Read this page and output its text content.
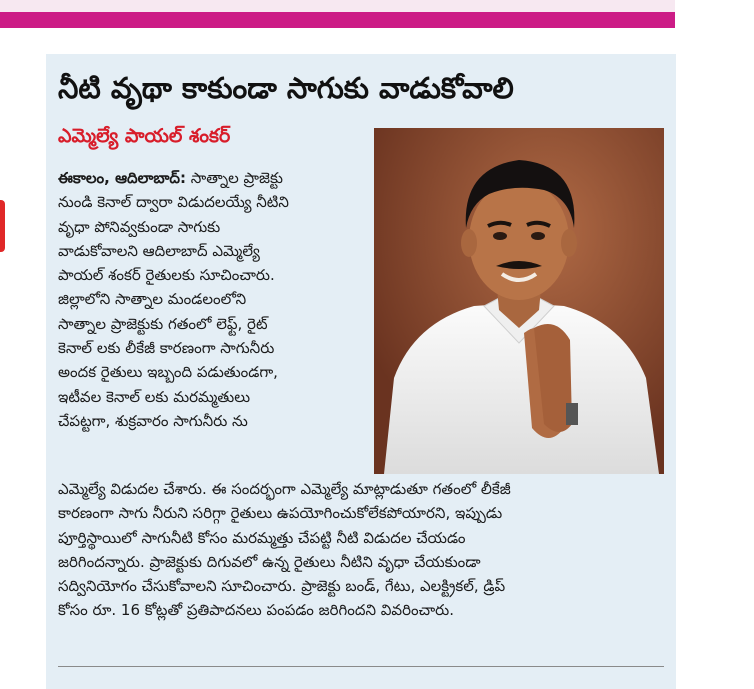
నీటి వృథా కాకుండా సాగుకు వాడుకోవాలి
ఎమ్మెల్యే పాయల్ శంకర్

ఈకాలం, ఆదిలాబాద్: సాత్నాల ప్రాజెక్టు
నుండి కెనాల్ ద్వారా విడుదలయ్యే నీటిని
వృధా పోనివ్వకుండా సాగుకు
వాడుకోవాలని ఆదిలాబాద్ ఎమ్మెల్యే
పాయల్ శంకర్ రైతులకు సూచించారు.
జిల్లాలోని సాత్నాల మండలంలోని
సాత్నాల ప్రాజెక్టుకు గతంలో లెఫ్ట్, రైట్
కెనాల్ లకు లీకేజీ కారణంగా సాగునీరు
అందక రైతులు ఇబ్బంది పడుతుండగా,
ఇటీవల కెనాల్ లకు మరమ్మతులు
చేపట్టగా, శుక్రవారం సాగునీరు ను

ఎమ్మెల్యే విడుదల చేశారు. ఈ సందర్భంగా ఎమ్మెల్యే మాట్లాడుతూ గతంలో లీకేజీ
కారణంగా సాగు నీరుని సరిగ్గా రైతులు ఉపయోగించుకోలేకపోయారని, ఇప్పుడు
పూర్తిస్థాయిలో సాగునీటి కోసం మరమ్మత్తు చేపట్టి నీటి విడుదల చేయడం
జరిగిందన్నారు. ప్రాజెక్టుకు దిగువలో ఉన్న రైతులు నీటిని వృధా చేయకుండా
సద్వినియోగం చేసుకోవాలని సూచించారు. ప్రాజెక్టు బండ్, గేటు, ఎలక్ట్రికల్, డ్రిప్
కోసం రూ. 16 కోట్లతో ప్రతిపాదనలు పంపడం జరిగిందని వివరించారు.
